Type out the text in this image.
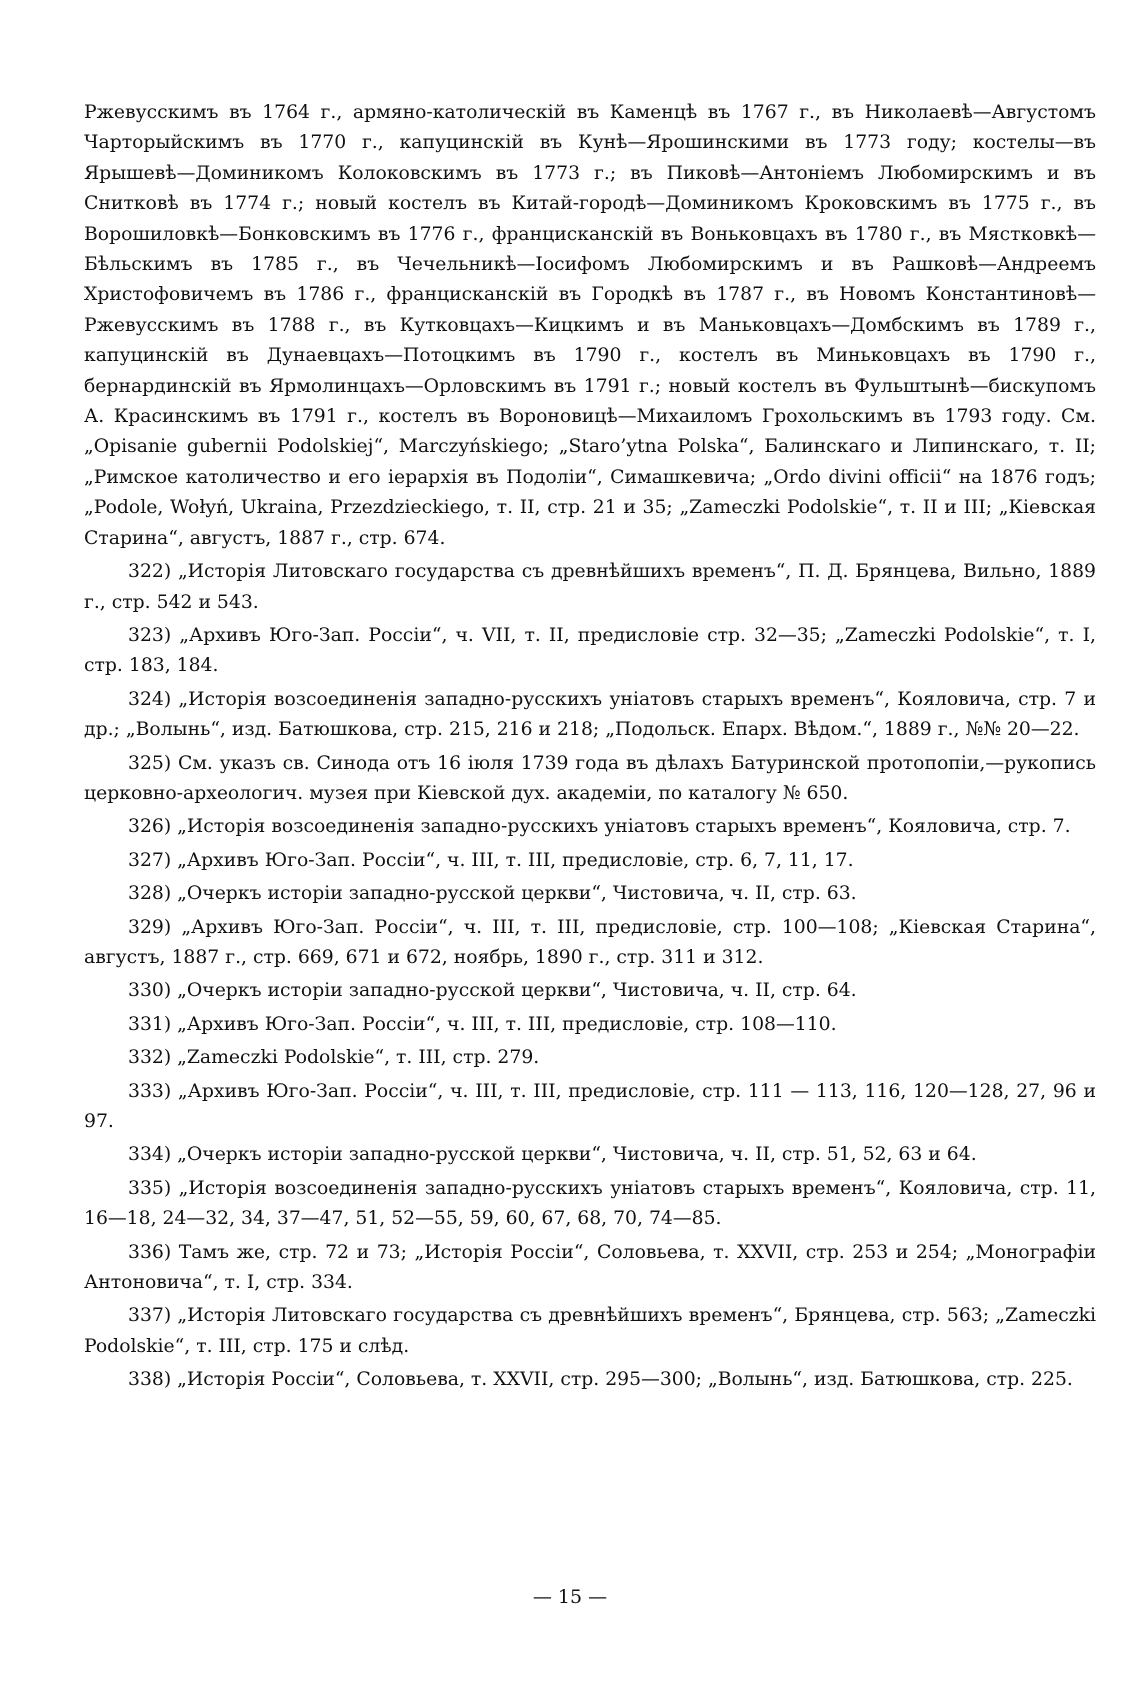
Ржевусскимъ въ 1764 г., армяно-католическій въ Каменцѣ въ 1767 г., въ Николаевѣ—Августомъ Чарторыйскимъ въ 1770 г., капуцинскій въ Кунѣ—Ярошинскими въ 1773 году; костелы—въ Ярышевѣ—Доминикомъ Колоковскимъ въ 1773 г.; въ Пиковѣ—Антоніемъ Любомирскимъ и въ Снитковѣ въ 1774 г.; новый костелъ въ Китай-городѣ—Доминикомъ Кроковскимъ въ 1775 г., въ Ворошиловкѣ—Бонковскимъ въ 1776 г., францисканскій въ Воньковцахъ въ 1780 г., въ Мястковкѣ—Бѣльскимъ въ 1785 г., въ Чечельникѣ—Іосифомъ Любомирскимъ и въ Рашковѣ—Андреемъ Христофовичемъ въ 1786 г., францисканскій въ Городкѣ въ 1787 г., въ Новомъ Константиновѣ—Ржевусскимъ въ 1788 г., въ Кутковцахъ—Кицкимъ и въ Маньковцахъ—Домбскимъ въ 1789 г., капуцинскій въ Дунаевцахъ—Потоцкимъ въ 1790 г., костелъ въ Миньковцахъ въ 1790 г., бернардинскій въ Ярмолинцахъ—Орловскимъ въ 1791 г.; новый костелъ въ Фульштынѣ—бискупомъ А. Красинскимъ въ 1791 г., костелъ въ Вороновицѣ—Михаиломъ Грохольскимъ въ 1793 году. См. „Opisanie gubernii Podolskiej“, Marczyńskiego; „Staro’ytna Polska“, Балинскаго и Липинскаго, т. II; „Римское католичество и его іерархія въ Подоліи“, Симашкевича; „Ordo divini officii“ на 1876 годъ; „Podole, Wołyń, Ukraina, Przezdzieckiego, т. II, стр. 21 и 35; „Zameczki Podolskie“, т. II и III; „Кіевская Старина“, августъ, 1887 г., стр. 674.

322) „Исторія Литовскаго государства съ древнѣйшихъ временъ“, П. Д. Брянцева, Вильно, 1889 г., стр. 542 и 543.

323) „Архивъ Юго-Зап. Россіи“, ч. VII, т. II, предисловіе стр. 32—35; „Zameczki Podolskie“, т. I, стр. 183, 184.

324) „Исторія возсоединенія западно-русскихъ уніатовъ старыхъ временъ“, Кояловича, стр. 7 и др.; „Волынь“, изд. Батюшкова, стр. 215, 216 и 218; „Подольск. Епарх. Вѣдом.“, 1889 г., №№ 20—22.

325) См. указъ св. Синода отъ 16 іюля 1739 года въ дѣлахъ Батуринской протопопіи,—рукопись церковно-археологич. музея при Кіевской дух. академіи, по каталогу № 650.

326) „Исторія возсоединенія западно-русскихъ уніатовъ старыхъ временъ“, Кояловича, стр. 7.

327) „Архивъ Юго-Зап. Россіи“, ч. III, т. III, предисловіе, стр. 6, 7, 11, 17.

328) „Очеркъ исторіи западно-русской церкви“, Чистовича, ч. II, стр. 63.

329) „Архивъ Юго-Зап. Россіи“, ч. III, т. III, предисловіе, стр. 100—108; „Кіевская Старина“, августъ, 1887 г., стр. 669, 671 и 672, ноябрь, 1890 г., стр. 311 и 312.

330) „Очеркъ исторіи западно-русской церкви“, Чистовича, ч. II, стр. 64.

331) „Архивъ Юго-Зап. Россіи“, ч. III, т. III, предисловіе, стр. 108—110.

332) „Zameczki Podolskie“, т. III, стр. 279.

333) „Архивъ Юго-Зап. Россіи“, ч. III, т. III, предисловіе, стр. 111 — 113, 116, 120—128, 27, 96 и 97.

334) „Очеркъ исторіи западно-русской церкви“, Чистовича, ч. II, стр. 51, 52, 63 и 64.

335) „Исторія возсоединенія западно-русскихъ уніатовъ старыхъ временъ“, Кояловича, стр. 11, 16—18, 24—32, 34, 37—47, 51, 52—55, 59, 60, 67, 68, 70, 74—85.

336) Тамъ же, стр. 72 и 73; „Исторія Россіи“, Соловьева, т. XXVII, стр. 253 и 254; „Монографіи Антоновича“, т. I, стр. 334.

337) „Исторія Литовскаго государства съ древнѣйшихъ временъ“, Брянцева, стр. 563; „Zameczki Podolskie“, т. III, стр. 175 и слѣд.

338) „Исторія Россіи“, Соловьева, т. XXVII, стр. 295—300; „Волынь“, изд. Батюшкова, стр. 225.

— 15 —
